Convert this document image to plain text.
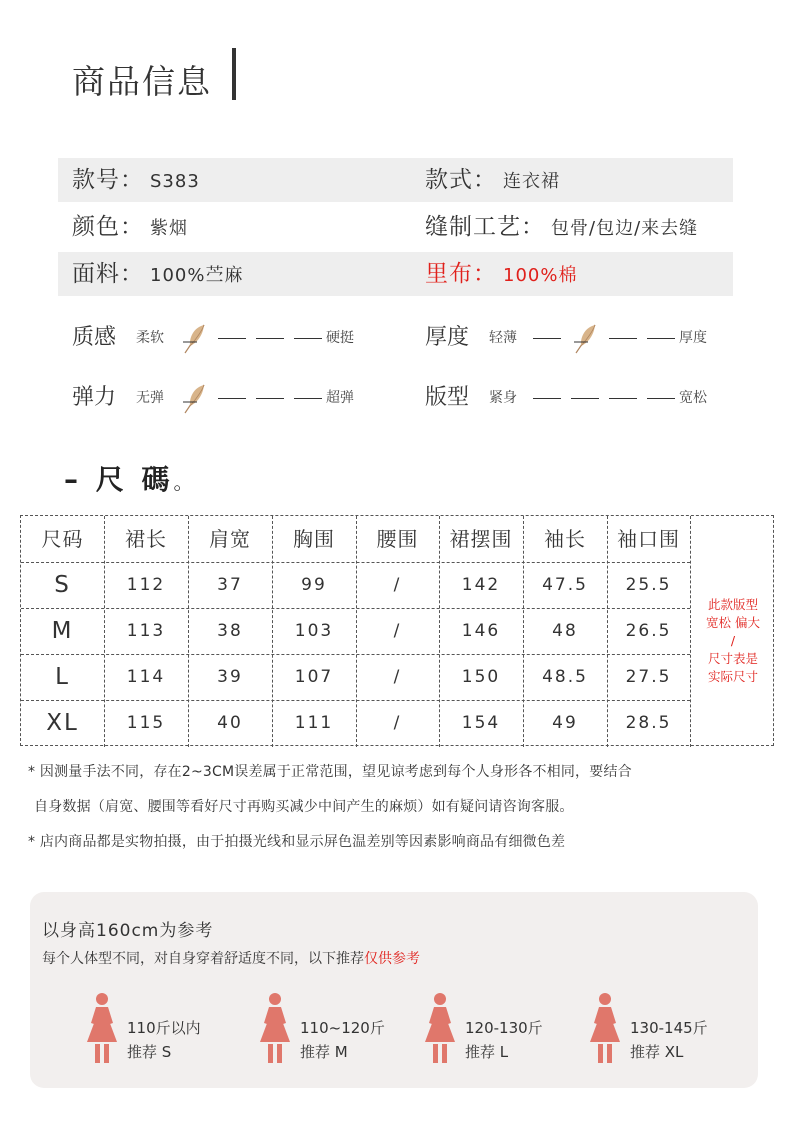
商品信息
款号： S383	款式： 连衣裙
颜色： 紫烟	缝制工艺： 包骨/包边/来去缝
面料： 100%苎麻	里布： 100%棉
质感 柔软	硬挺	厚度 轻薄	厚度
弹力 无弹	超弹	版型 紧身	宽松
– 尺 碼。
此款版型
宽松 偏大
/
尺寸表是
实际尺寸
尺码	裙长	肩宽	胸围	腰围	裙摆围	袖长	袖口围
S	112	37	99	/	142	47.5	25.5
M	113	38	103	/	146	48	26.5
L	114	39	107	/	150	48.5	27.5
XL	115	40	111	/	154	49	28.5
* 因测量手法不同，存在2~3CM误差属于正常范围，望见谅考虑到每个人身形各不相同，要结合
自身数据（肩宽、腰围等看好尺寸再购买减少中间产生的麻烦）如有疑问请咨询客服。
* 店内商品都是实物拍摄，由于拍摄光线和显示屏色温差别等因素影响商品有细微色差
以身高160cm为参考
每个人体型不同，对自身穿着舒适度不同，以下推荐仅供参考
110斤以内
推荐 S
110~120斤
推荐 M
120-130斤
推荐 L
130-145斤
推荐 XL
